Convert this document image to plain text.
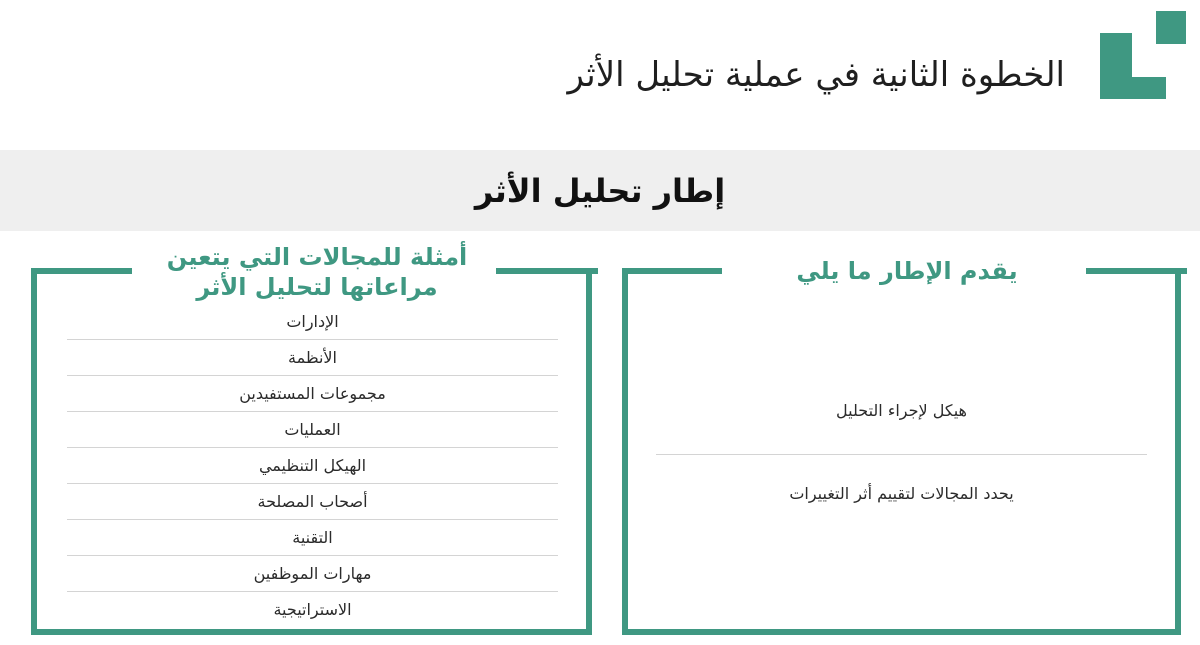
الخطوة الثانية في عملية تحليل الأثر
إطار تحليل الأثر
أمثلة للمجالات التي يتعين
مراعاتها لتحليل الأثر
الإدارات
الأنظمة
مجموعات المستفيدين
العمليات
الهيكل التنظيمي
أصحاب المصلحة
التقنية
مهارات الموظفين
الاستراتيجية
يقدم الإطار ما يلي
هيكل لإجراء التحليل
يحدد المجالات لتقييم أثر التغييرات
